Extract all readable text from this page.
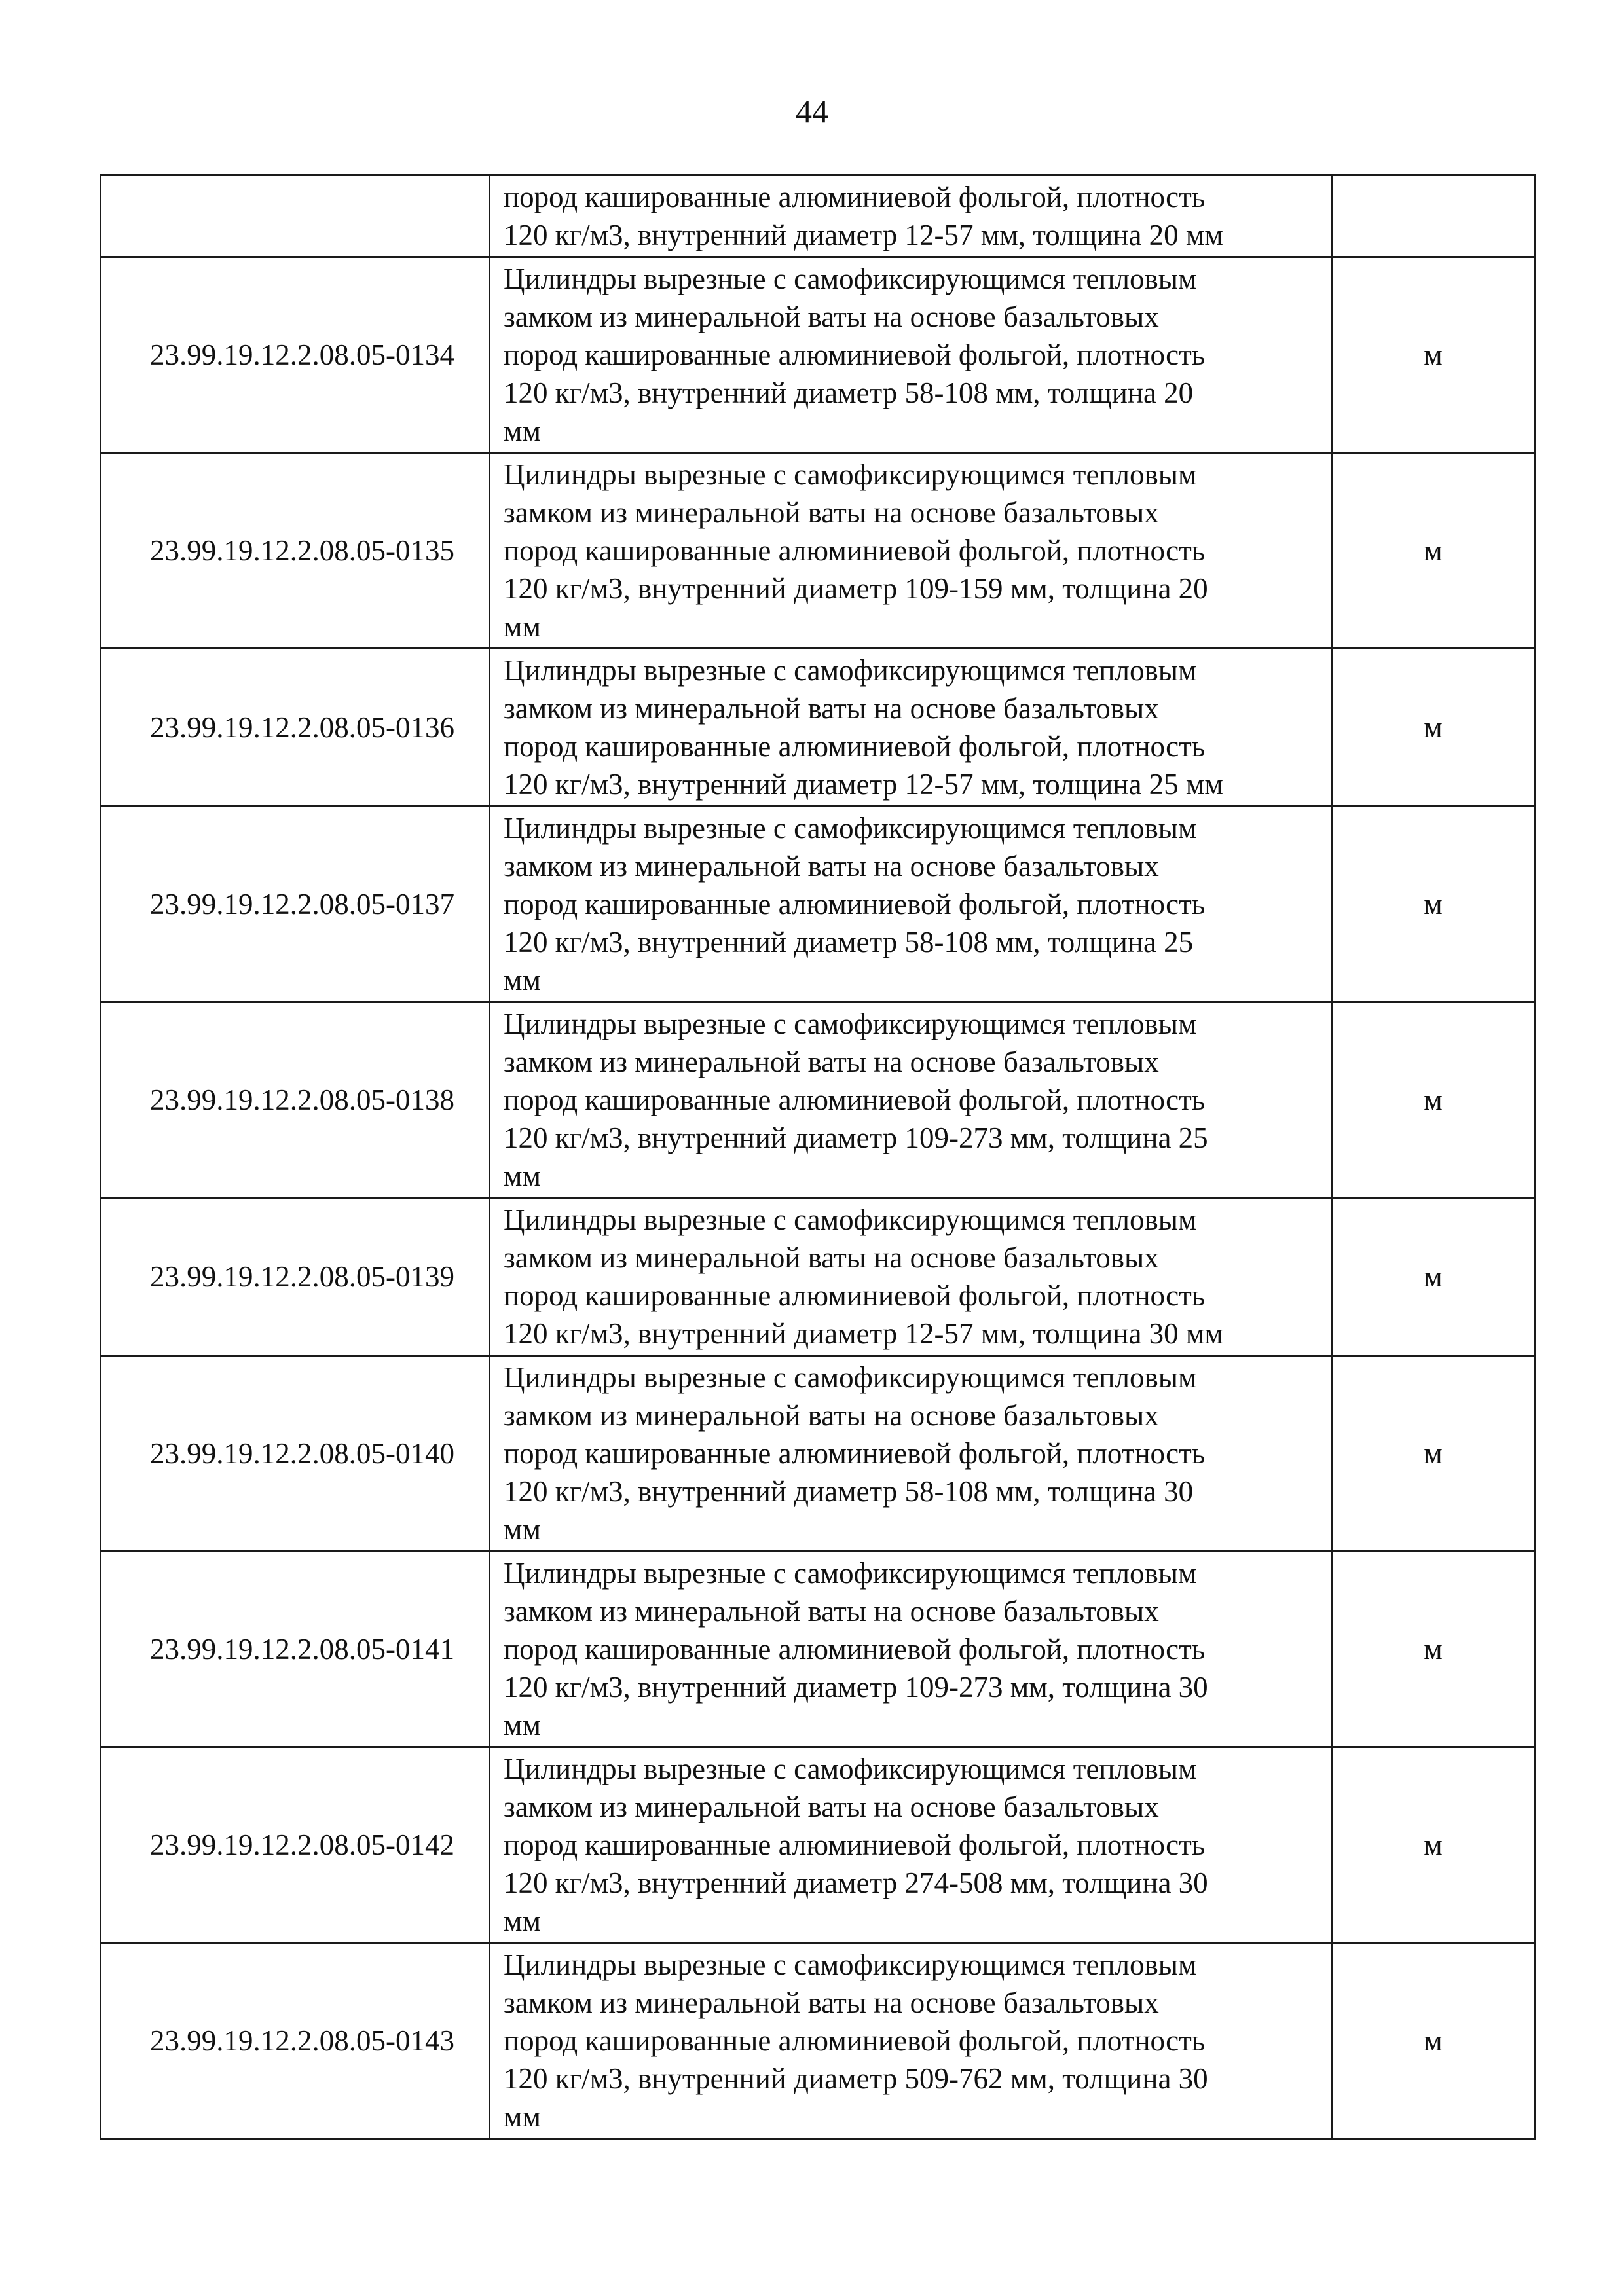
44

	пород кашированные алюминиевой фольгой, плотность
120 кг/м3, внутренний диаметр 12-57 мм, толщина 20 мм	

23.99.19.12.2.08.05-0134	Цилиндры вырезные с самофиксирующимся тепловым
замком из минеральной ваты на основе базальтовых
пород кашированные алюминиевой фольгой, плотность
120 кг/м3, внутренний диаметр 58-108 мм, толщина 20
мм	м
23.99.19.12.2.08.05-0135	Цилиндры вырезные с самофиксирующимся тепловым
замком из минеральной ваты на основе базальтовых
пород кашированные алюминиевой фольгой, плотность
120 кг/м3, внутренний диаметр 109-159 мм, толщина 20
мм	м
23.99.19.12.2.08.05-0136	Цилиндры вырезные с самофиксирующимся тепловым
замком из минеральной ваты на основе базальтовых
пород кашированные алюминиевой фольгой, плотность
120 кг/м3, внутренний диаметр 12-57 мм, толщина 25 мм	м
23.99.19.12.2.08.05-0137	Цилиндры вырезные с самофиксирующимся тепловым
замком из минеральной ваты на основе базальтовых
пород кашированные алюминиевой фольгой, плотность
120 кг/м3, внутренний диаметр 58-108 мм, толщина 25
мм	м
23.99.19.12.2.08.05-0138	Цилиндры вырезные с самофиксирующимся тепловым
замком из минеральной ваты на основе базальтовых
пород кашированные алюминиевой фольгой, плотность
120 кг/м3, внутренний диаметр 109-273 мм, толщина 25
мм	м
23.99.19.12.2.08.05-0139	Цилиндры вырезные с самофиксирующимся тепловым
замком из минеральной ваты на основе базальтовых
пород кашированные алюминиевой фольгой, плотность
120 кг/м3, внутренний диаметр 12-57 мм, толщина 30 мм	м
23.99.19.12.2.08.05-0140	Цилиндры вырезные с самофиксирующимся тепловым
замком из минеральной ваты на основе базальтовых
пород кашированные алюминиевой фольгой, плотность
120 кг/м3, внутренний диаметр 58-108 мм, толщина 30
мм	м
23.99.19.12.2.08.05-0141	Цилиндры вырезные с самофиксирующимся тепловым
замком из минеральной ваты на основе базальтовых
пород кашированные алюминиевой фольгой, плотность
120 кг/м3, внутренний диаметр 109-273 мм, толщина 30
мм	м
23.99.19.12.2.08.05-0142	Цилиндры вырезные с самофиксирующимся тепловым
замком из минеральной ваты на основе базальтовых
пород кашированные алюминиевой фольгой, плотность
120 кг/м3, внутренний диаметр 274-508 мм, толщина 30
мм	м
23.99.19.12.2.08.05-0143	Цилиндры вырезные с самофиксирующимся тепловым
замком из минеральной ваты на основе базальтовых
пород кашированные алюминиевой фольгой, плотность
120 кг/м3, внутренний диаметр 509-762 мм, толщина 30
мм	м
